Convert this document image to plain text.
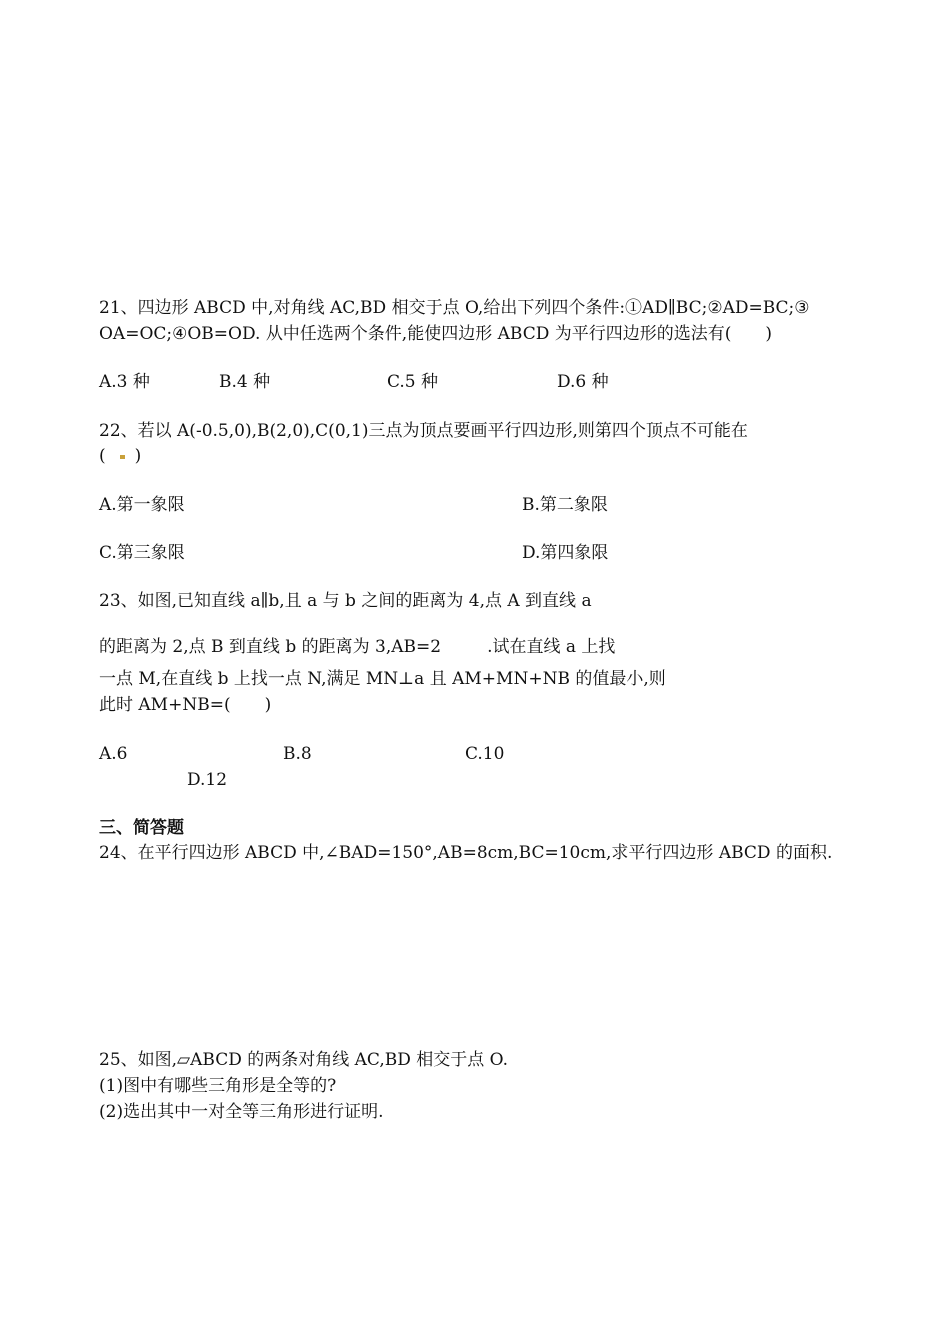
21、四边形 ABCD 中,对角线 AC,BD 相交于点 O,给出下列四个条件:①AD∥BC;②AD=BC;③
OA=OC;④OB=OD. 从中任选两个条件,能使四边形 ABCD 为平行四边形的选法有(　　)
A.3 种	B.4 种	C.5 种	D.6 种
22、若以 A(-0.5,0),B(2,0),C(0,1)三点为顶点要画平行四边形,则第四个顶点不可能在
( )
A.第一象限	B.第二象限
C.第三象限	D.第四象限
23、如图,已知直线 a∥b,且 a 与 b 之间的距离为 4,点 A 到直线 a
的距离为 2,点 B 到直线 b 的距离为 3,AB=2	.试在直线 a 上找
一点 M,在直线 b 上找一点 N,满足 MN⊥a 且 AM+MN+NB 的值最小,则
此时 AM+NB=(　　)
A.6	B.8	C.10
D.12
三、简答题
24、在平行四边形 ABCD 中,∠BAD=150°,AB=8cm,BC=10cm,求平行四边形 ABCD 的面积.
25、如图,▱ABCD 的两条对角线 AC,BD 相交于点 O.
(1)图中有哪些三角形是全等的?
(2)选出其中一对全等三角形进行证明.
